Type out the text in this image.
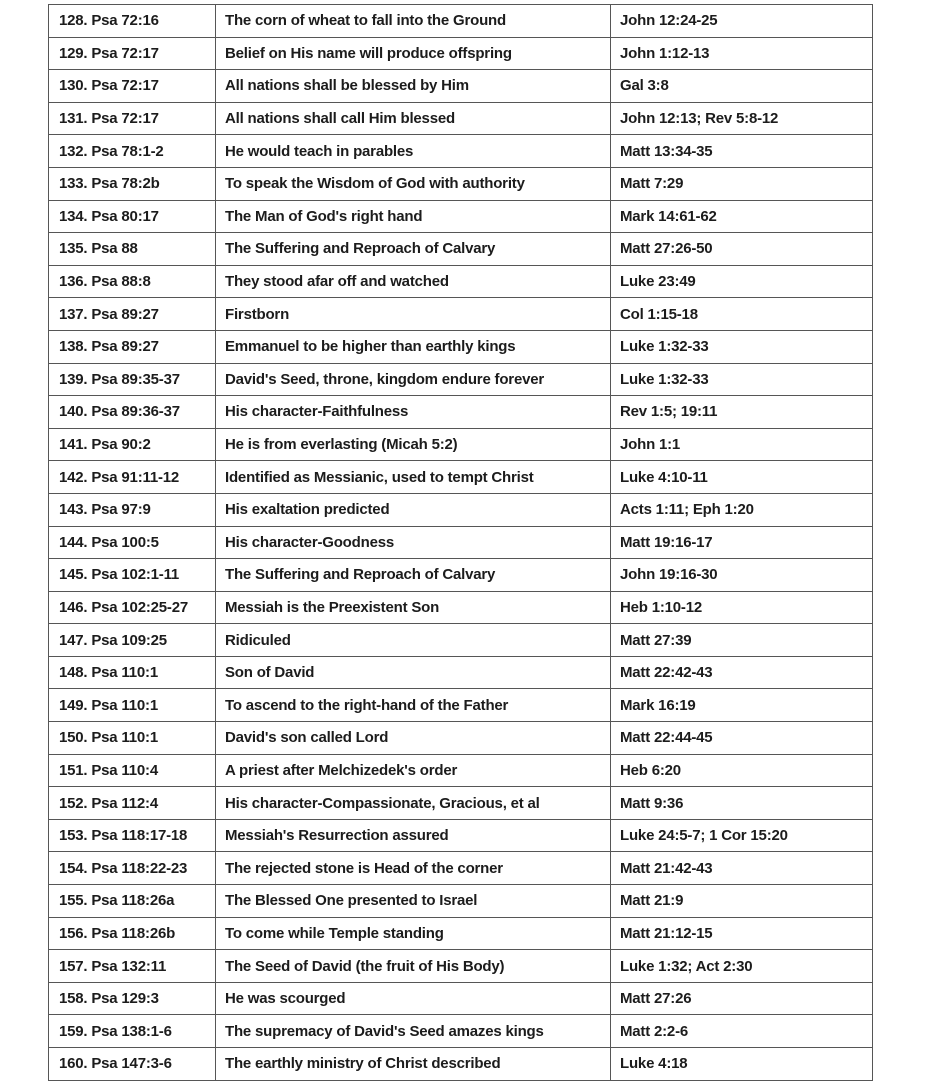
128. Psa 72:16	The corn of wheat to fall into the Ground	John 12:24-25
129. Psa 72:17	Belief on His name will produce offspring	John 1:12-13
130. Psa 72:17	All nations shall be blessed by Him	Gal 3:8
131. Psa 72:17	All nations shall call Him blessed	John 12:13; Rev 5:8-12
132. Psa 78:1-2	He would teach in parables	Matt 13:34-35
133. Psa 78:2b	To speak the Wisdom of God with authority	Matt 7:29
134. Psa 80:17	The Man of God's right hand	Mark 14:61-62
135. Psa 88	The Suffering and Reproach of Calvary	Matt 27:26-50
136. Psa 88:8	They stood afar off and watched	Luke 23:49
137. Psa 89:27	Firstborn	Col 1:15-18
138. Psa 89:27	Emmanuel to be higher than earthly kings	Luke 1:32-33
139. Psa 89:35-37	David's Seed, throne, kingdom endure forever	Luke 1:32-33
140. Psa 89:36-37	His character-Faithfulness	Rev 1:5; 19:11
141. Psa 90:2	He is from everlasting (Micah 5:2)	John 1:1
142. Psa 91:11-12	Identified as Messianic, used to tempt Christ	Luke 4:10-11
143. Psa 97:9	His exaltation predicted	Acts 1:11; Eph 1:20
144. Psa 100:5	His character-Goodness	Matt 19:16-17
145. Psa 102:1-11	The Suffering and Reproach of Calvary	John 19:16-30
146. Psa 102:25-27	Messiah is the Preexistent Son	Heb 1:10-12
147. Psa 109:25	Ridiculed	Matt 27:39
148. Psa 110:1	Son of David	Matt 22:42-43
149. Psa 110:1	To ascend to the right-hand of the Father	Mark 16:19
150. Psa 110:1	David's son called Lord	Matt 22:44-45
151. Psa 110:4	A priest after Melchizedek's order	Heb 6:20
152. Psa 112:4	His character-Compassionate, Gracious, et al	Matt 9:36
153. Psa 118:17-18	Messiah's Resurrection assured	Luke 24:5-7; 1 Cor 15:20
154. Psa 118:22-23	The rejected stone is Head of the corner	Matt 21:42-43
155. Psa 118:26a	The Blessed One presented to Israel	Matt 21:9
156. Psa 118:26b	To come while Temple standing	Matt 21:12-15
157. Psa 132:11	The Seed of David (the fruit of His Body)	Luke 1:32; Act 2:30
158. Psa 129:3	He was scourged	Matt 27:26
159. Psa 138:1-6	The supremacy of David's Seed amazes kings	Matt 2:2-6
160. Psa 147:3-6	The earthly ministry of Christ described	Luke 4:18
